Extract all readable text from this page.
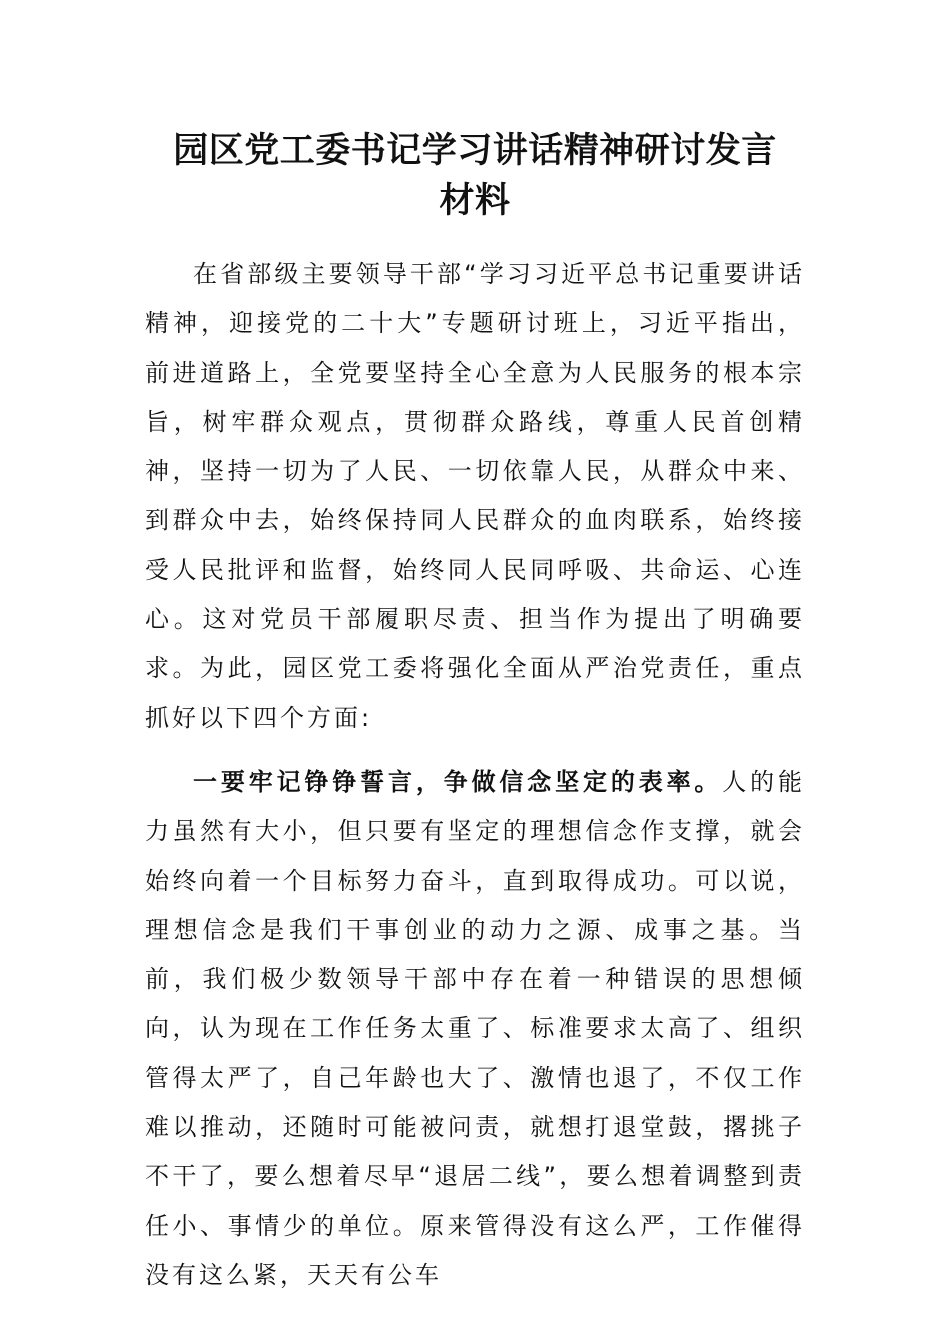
园区党工委书记学习讲话精神研讨发言
材料

在省部级主要领导干部“学习习近平总书记重要讲话精神，迎接党的二十大”专题研讨班上，习近平指出，前进道路上，全党要坚持全心全意为人民服务的根本宗旨，树牢群众观点，贯彻群众路线，尊重人民首创精神，坚持一切为了人民、一切依靠人民，从群众中来、到群众中去，始终保持同人民群众的血肉联系，始终接受人民批评和监督，始终同人民同呼吸、共命运、心连心。这对党员干部履职尽责、担当作为提出了明确要求。为此，园区党工委将强化全面从严治党责任，重点抓好以下四个方面:

一要牢记铮铮誓言，争做信念坚定的表率。人的能力虽然有大小，但只要有坚定的理想信念作支撑，就会始终向着一个目标努力奋斗，直到取得成功。可以说，理想信念是我们干事创业的动力之源、成事之基。当前，我们极少数领导干部中存在着一种错误的思想倾向，认为现在工作任务太重了、标准要求太高了、组织管得太严了，自己年龄也大了、激情也退了，不仅工作难以推动，还随时可能被问责，就想打退堂鼓，撂挑子不干了，要么想着尽早“退居二线”，要么想着调整到责任小、事情少的单位。原来管得没有这么严，工作催得没有这么紧，天天有公车
